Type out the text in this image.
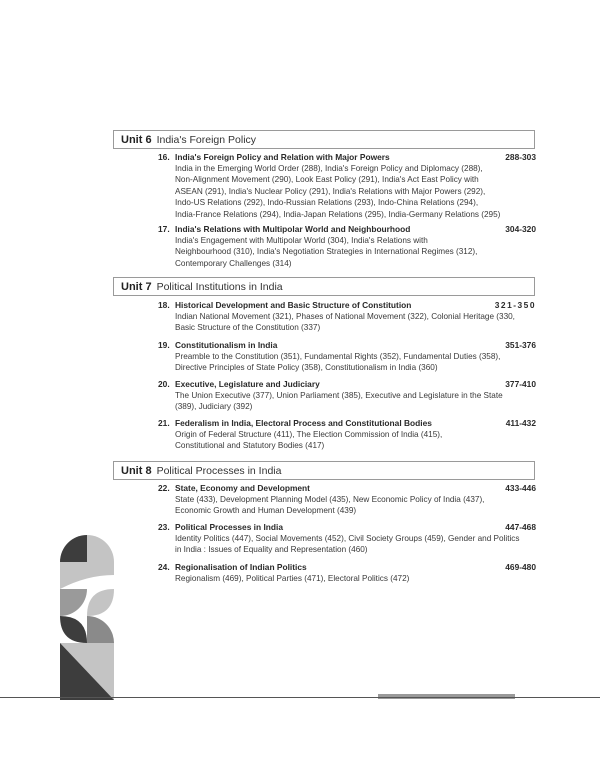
Unit 6 India's Foreign Policy
16. India's Foreign Policy and Relation with Major Powers	288-303
India in the Emerging World Order (288), India's Foreign Policy and Diplomacy (288),
Non-Alignment Movement (290), Look East Policy (291), India's Act East Policy with
ASEAN (291), India's Nuclear Policy (291), India's Relations with Major Powers (292),
Indo-US Relations (292), Indo-Russian Relations (293), Indo-China Relations (294),
India-France Relations (294), India-Japan Relations (295), India-Germany Relations (295)
17. India's Relations with Multipolar World and Neighbourhood	304-320
India's Engagement with Multipolar World (304), India's Relations with
Neighbourhood (310), India's Negotiation Strategies in International Regimes (312),
Contemporary Challenges (314)
Unit 7 Political Institutions in India
18. Historical Development and Basic Structure of Constitution	321-350
Indian National Movement (321), Phases of National Movement (322), Colonial Heritage (330,
Basic Structure of the Constitution (337)
19. Constitutionalism in India	351-376
Preamble to the Constitution (351), Fundamental Rights (352), Fundamental Duties (358),
Directive Principles of State Policy (358), Constitutionalism in India (360)
20. Executive, Legislature and Judiciary	377-410
The Union Executive (377), Union Parliament (385), Executive and Legislature in the State
(389), Judiciary (392)
21. Federalism in India, Electoral Process and Constitutional Bodies	411-432
Origin of Federal Structure (411), The Election Commission of India (415),
Constitutional and Statutory Bodies (417)
Unit 8 Political Processes in India
22. State, Economy and Development	433-446
State (433), Development Planning Model (435), New Economic Policy of India (437),
Economic Growth and Human Development (439)
23. Political Processes in India	447-468
Identity Politics (447), Social Movements (452), Civil Society Groups (459), Gender and Politics
in India : Issues of Equality and Representation (460)
24. Regionalisation of Indian Politics	469-480
Regionalism (469), Political Parties (471), Electoral Politics (472)
